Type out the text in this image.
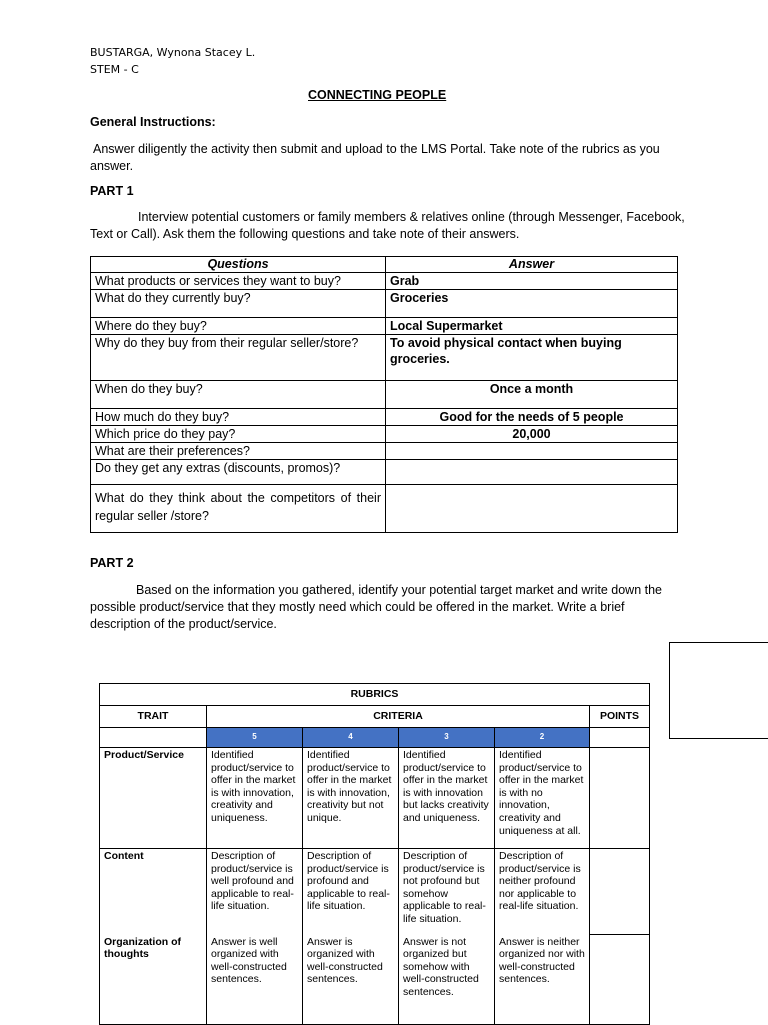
BUSTARGA, Wynona Stacey L.
STEM - C
CONNECTING PEOPLE
General Instructions:
Answer diligently the activity then submit and upload to the LMS Portal. Take note of the rubrics as you answer.
PART 1
Interview potential customers or family members & relatives online (through Messenger, Facebook, Text or Call). Ask them the following questions and take note of their answers.
Questions	Answer
What products or services they want to buy?	Grab
What do they currently buy?	Groceries
Where do they buy?	Local Supermarket
Why do they buy from their regular seller/store?	To avoid physical contact when buying groceries.
When do they buy?	Once a month
How much do they buy?	Good for the needs of 5 people
Which price do they pay?	20,000
What are their preferences?	
Do they get any extras (discounts, promos)?	
What do they think about the competitors of their regular seller /store?	
PART 2
Based on the information you gathered, identify your potential target market and write down the possible product/service that they mostly need which could be offered in the market. Write a brief description of the product/service.
RUBRICS					
TRAIT	CRITERIA				POINTS
	5	4	3	2	
Product/Service	Identified product/service to offer in the market is with innovation, creativity and uniqueness.	Identified product/service to offer in the market is with innovation, creativity but not unique.	Identified product/service to offer in the market is with innovation but lacks creativity and uniqueness.	Identified product/service to offer in the market is with no innovation, creativity and uniqueness at all.	
Content	Description of product/service is well profound and applicable to real-life situation.	Description of product/service is profound and applicable to real-life situation.	Description of product/service is not profound but somehow applicable to real-life situation.	Description of product/service is neither profound nor applicable to real-life situation.	
Organization of thoughts	Answer is well organized with well-constructed sentences.	Answer is organized with well-constructed sentences.	Answer is not organized but somehow with well-constructed sentences.	Answer is neither organized nor with well-constructed sentences.	
